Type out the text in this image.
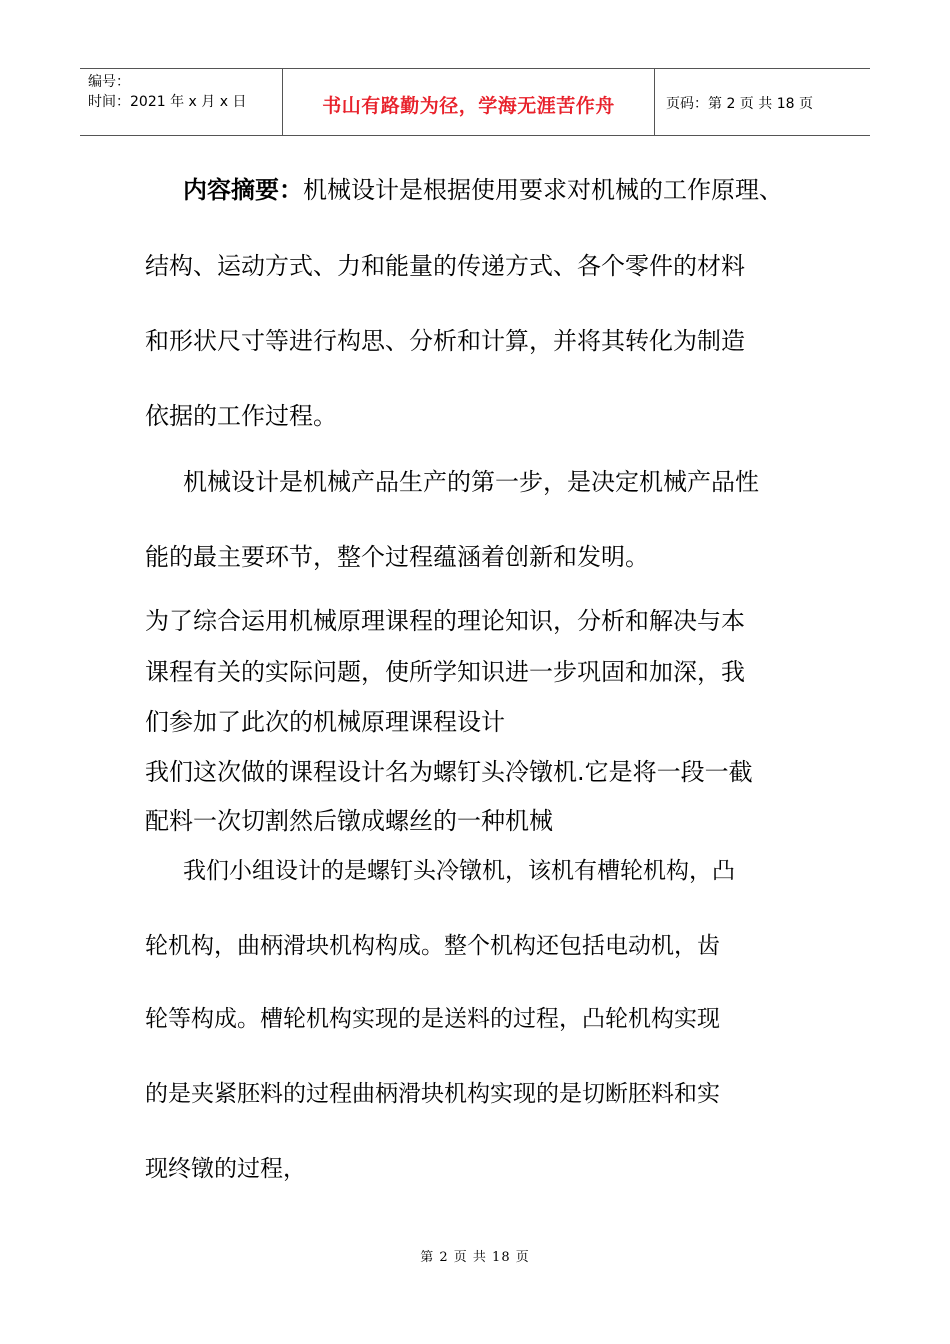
编号：
时间：2021 年 x 月 x 日	书山有路勤为径，学海无涯苦作舟	页码：第 2 页 共 18 页
内容摘要：机械设计是根据使用要求对机械的工作原理、
结构、运动方式、力和能量的传递方式、各个零件的材料
和形状尺寸等进行构思、分析和计算，并将其转化为制造
依据的工作过程。
机械设计是机械产品生产的第一步，是决定机械产品性
能的最主要环节，整个过程蕴涵着创新和发明。
为了综合运用机械原理课程的理论知识，分析和解决与本
课程有关的实际问题，使所学知识进一步巩固和加深，我
们参加了此次的机械原理课程设计
我们这次做的课程设计名为螺钉头冷镦机.它是将一段一截
配料一次切割然后镦成螺丝的一种机械
我们小组设计的是螺钉头冷镦机，该机有槽轮机构，凸
轮机构，曲柄滑块机构构成。整个机构还包括电动机，齿
轮等构成。槽轮机构实现的是送料的过程，凸轮机构实现
的是夹紧胚料的过程曲柄滑块机构实现的是切断胚料和实
现终镦的过程，
第 2 页 共 18 页
